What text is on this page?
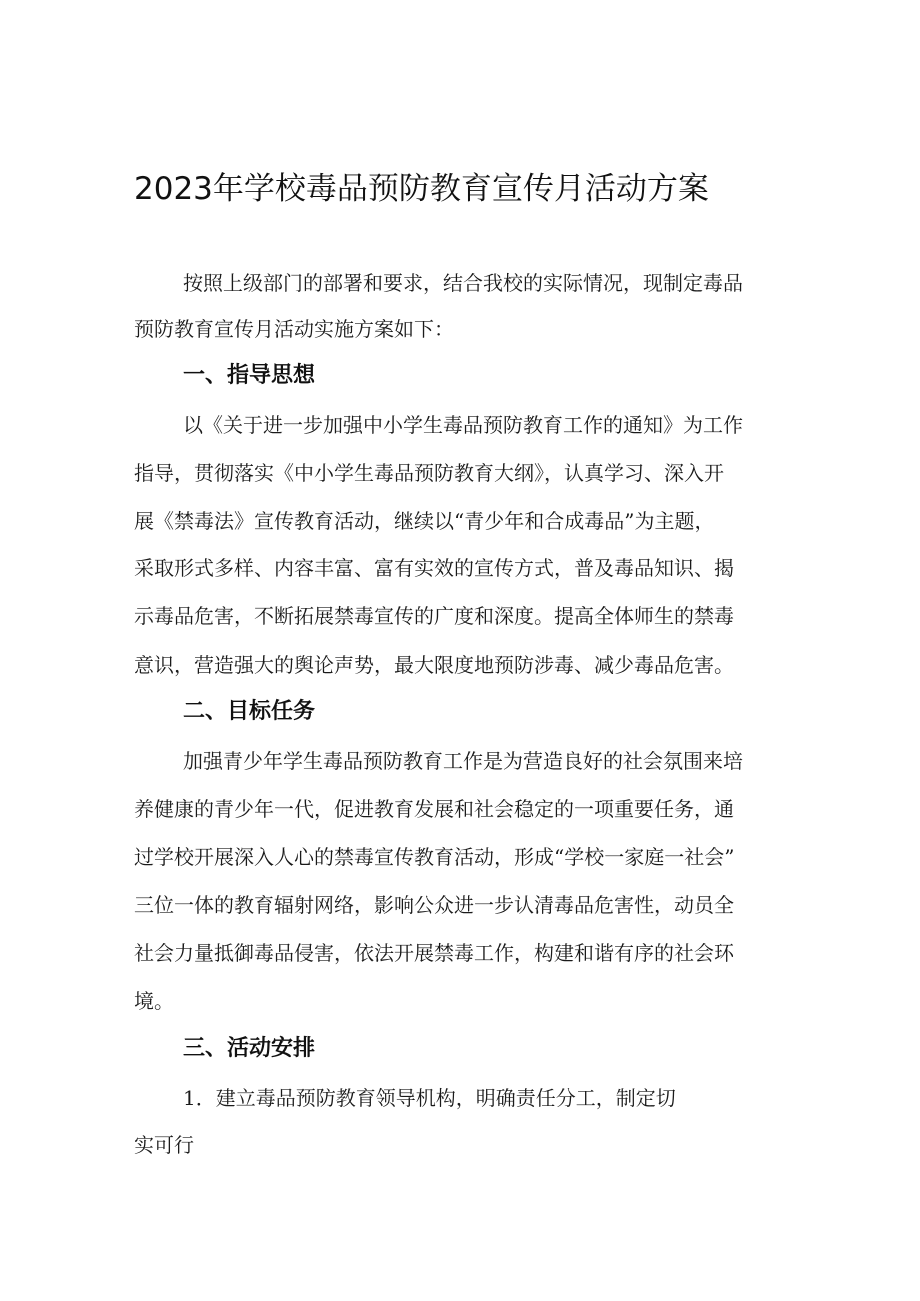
2023年学校毒品预防教育宣传月活动方案
按照上级部门的部署和要求，结合我校的实际情况，现制定毒品
预防教育宣传月活动实施方案如下：
一、指导思想
以《关于进一步加强中小学生毒品预防教育工作的通知》为工作
指导，贯彻落实《中小学生毒品预防教育大纲》，认真学习、深入开
展《禁毒法》宣传教育活动，继续以“青少年和合成毒品”为主题，
采取形式多样、内容丰富、富有实效的宣传方式，普及毒品知识、揭
示毒品危害，不断拓展禁毒宣传的广度和深度。提高全体师生的禁毒
意识，营造强大的舆论声势，最大限度地预防涉毒、减少毒品危害。
二、目标任务
加强青少年学生毒品预防教育工作是为营造良好的社会氛围来培
养健康的青少年一代，促进教育发展和社会稳定的一项重要任务，通
过学校开展深入人心的禁毒宣传教育活动，形成“学校一家庭一社会”
三位一体的教育辐射网络，影响公众进一步认清毒品危害性，动员全
社会力量抵御毒品侵害，依法开展禁毒工作，构建和谐有序的社会环
境。
三、活动安排
1．建立毒品预防教育领导机构，明确责任分工，制定切
实可行
